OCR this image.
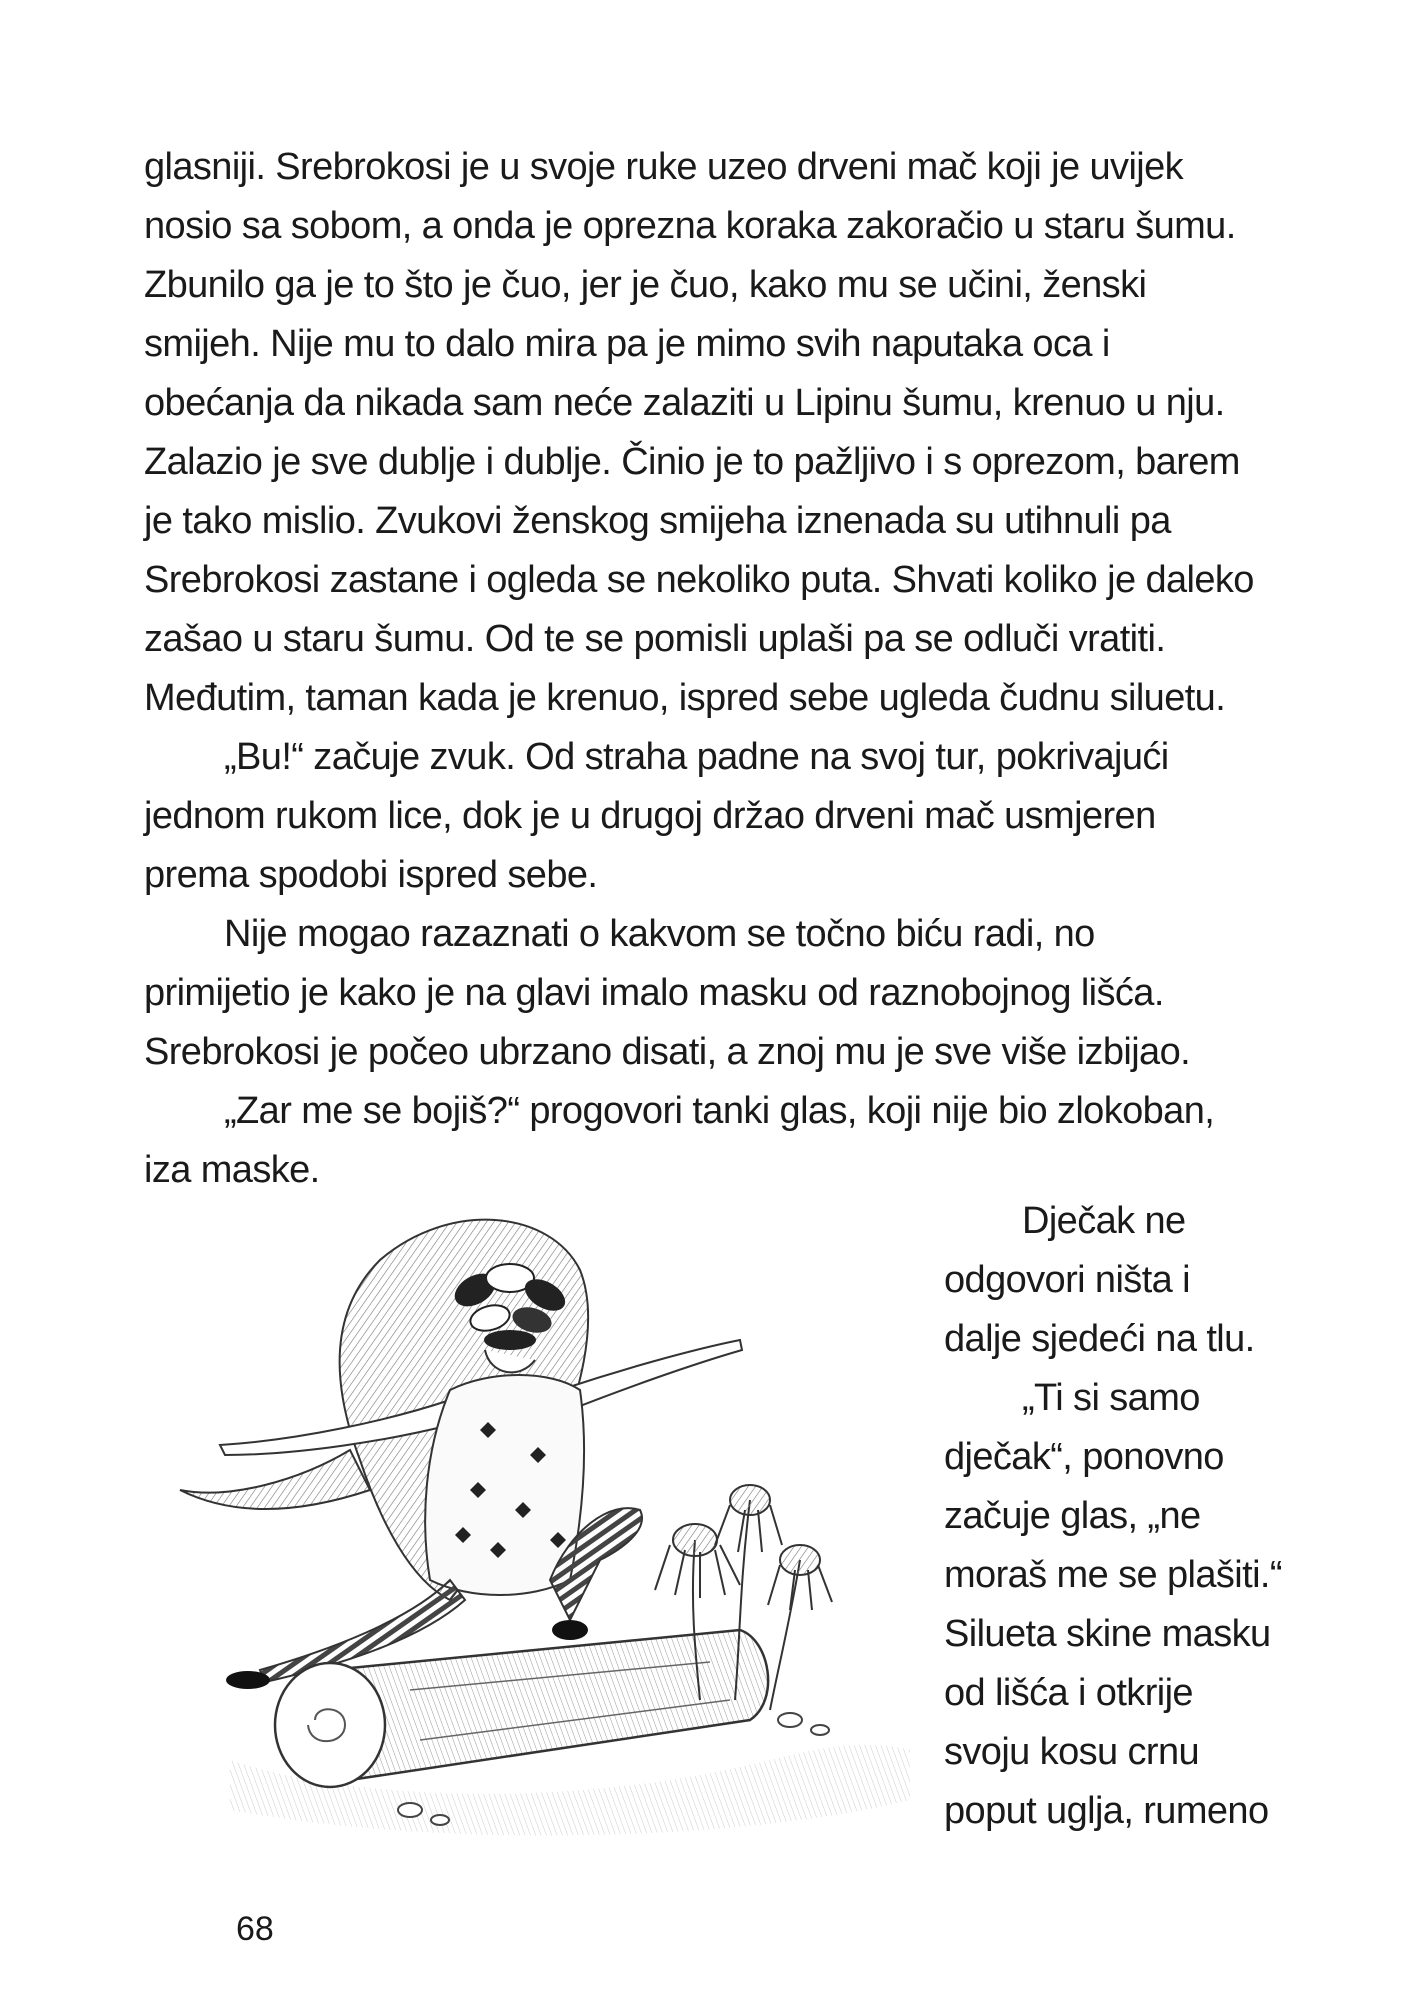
glasniji. Srebrokosi je u svoje ruke uzeo drveni mač koji je uvijek
nosio sa sobom, a onda je oprezna koraka zakoračio u staru šumu.
Zbunilo ga je to što je čuo, jer je čuo, kako mu se učini, ženski
smijeh. Nije mu to dalo mira pa je mimo svih naputaka oca i
obećanja da nikada sam neće zalaziti u Lipinu šumu, krenuo u nju.
Zalazio je sve dublje i dublje. Činio je to pažljivo i s oprezom, barem
je tako mislio. Zvukovi ženskog smijeha iznenada su utihnuli pa
Srebrokosi zastane i ogleda se nekoliko puta. Shvati koliko je daleko
zašao u staru šumu. Od te se pomisli uplaši pa se odluči vratiti.
Međutim, taman kada je krenuo, ispred sebe ugleda čudnu siluetu.
„Bu!“ začuje zvuk. Od straha padne na svoj tur, pokrivajući
jednom rukom lice, dok je u drugoj držao drveni mač usmjeren
prema spodobi ispred sebe.
Nije mogao razaznati o kakvom se točno biću radi, no
primijetio je kako je na glavi imalo masku od raznobojnog lišća.
Srebrokosi je počeo ubrzano disati, a znoj mu je sve više izbijao.
„Zar me se bojiš?“ progovori tanki glas, koji nije bio zlokoban,
iza maske.
Dječak ne
odgovori ništa i
dalje sjedeći na tlu.
„Ti si samo
dječak“, ponovno
začuje glas, „ne
moraš me se plašiti.“
Silueta skine masku
od lišća i otkrije
svoju kosu crnu
poput uglja, rumeno
68
